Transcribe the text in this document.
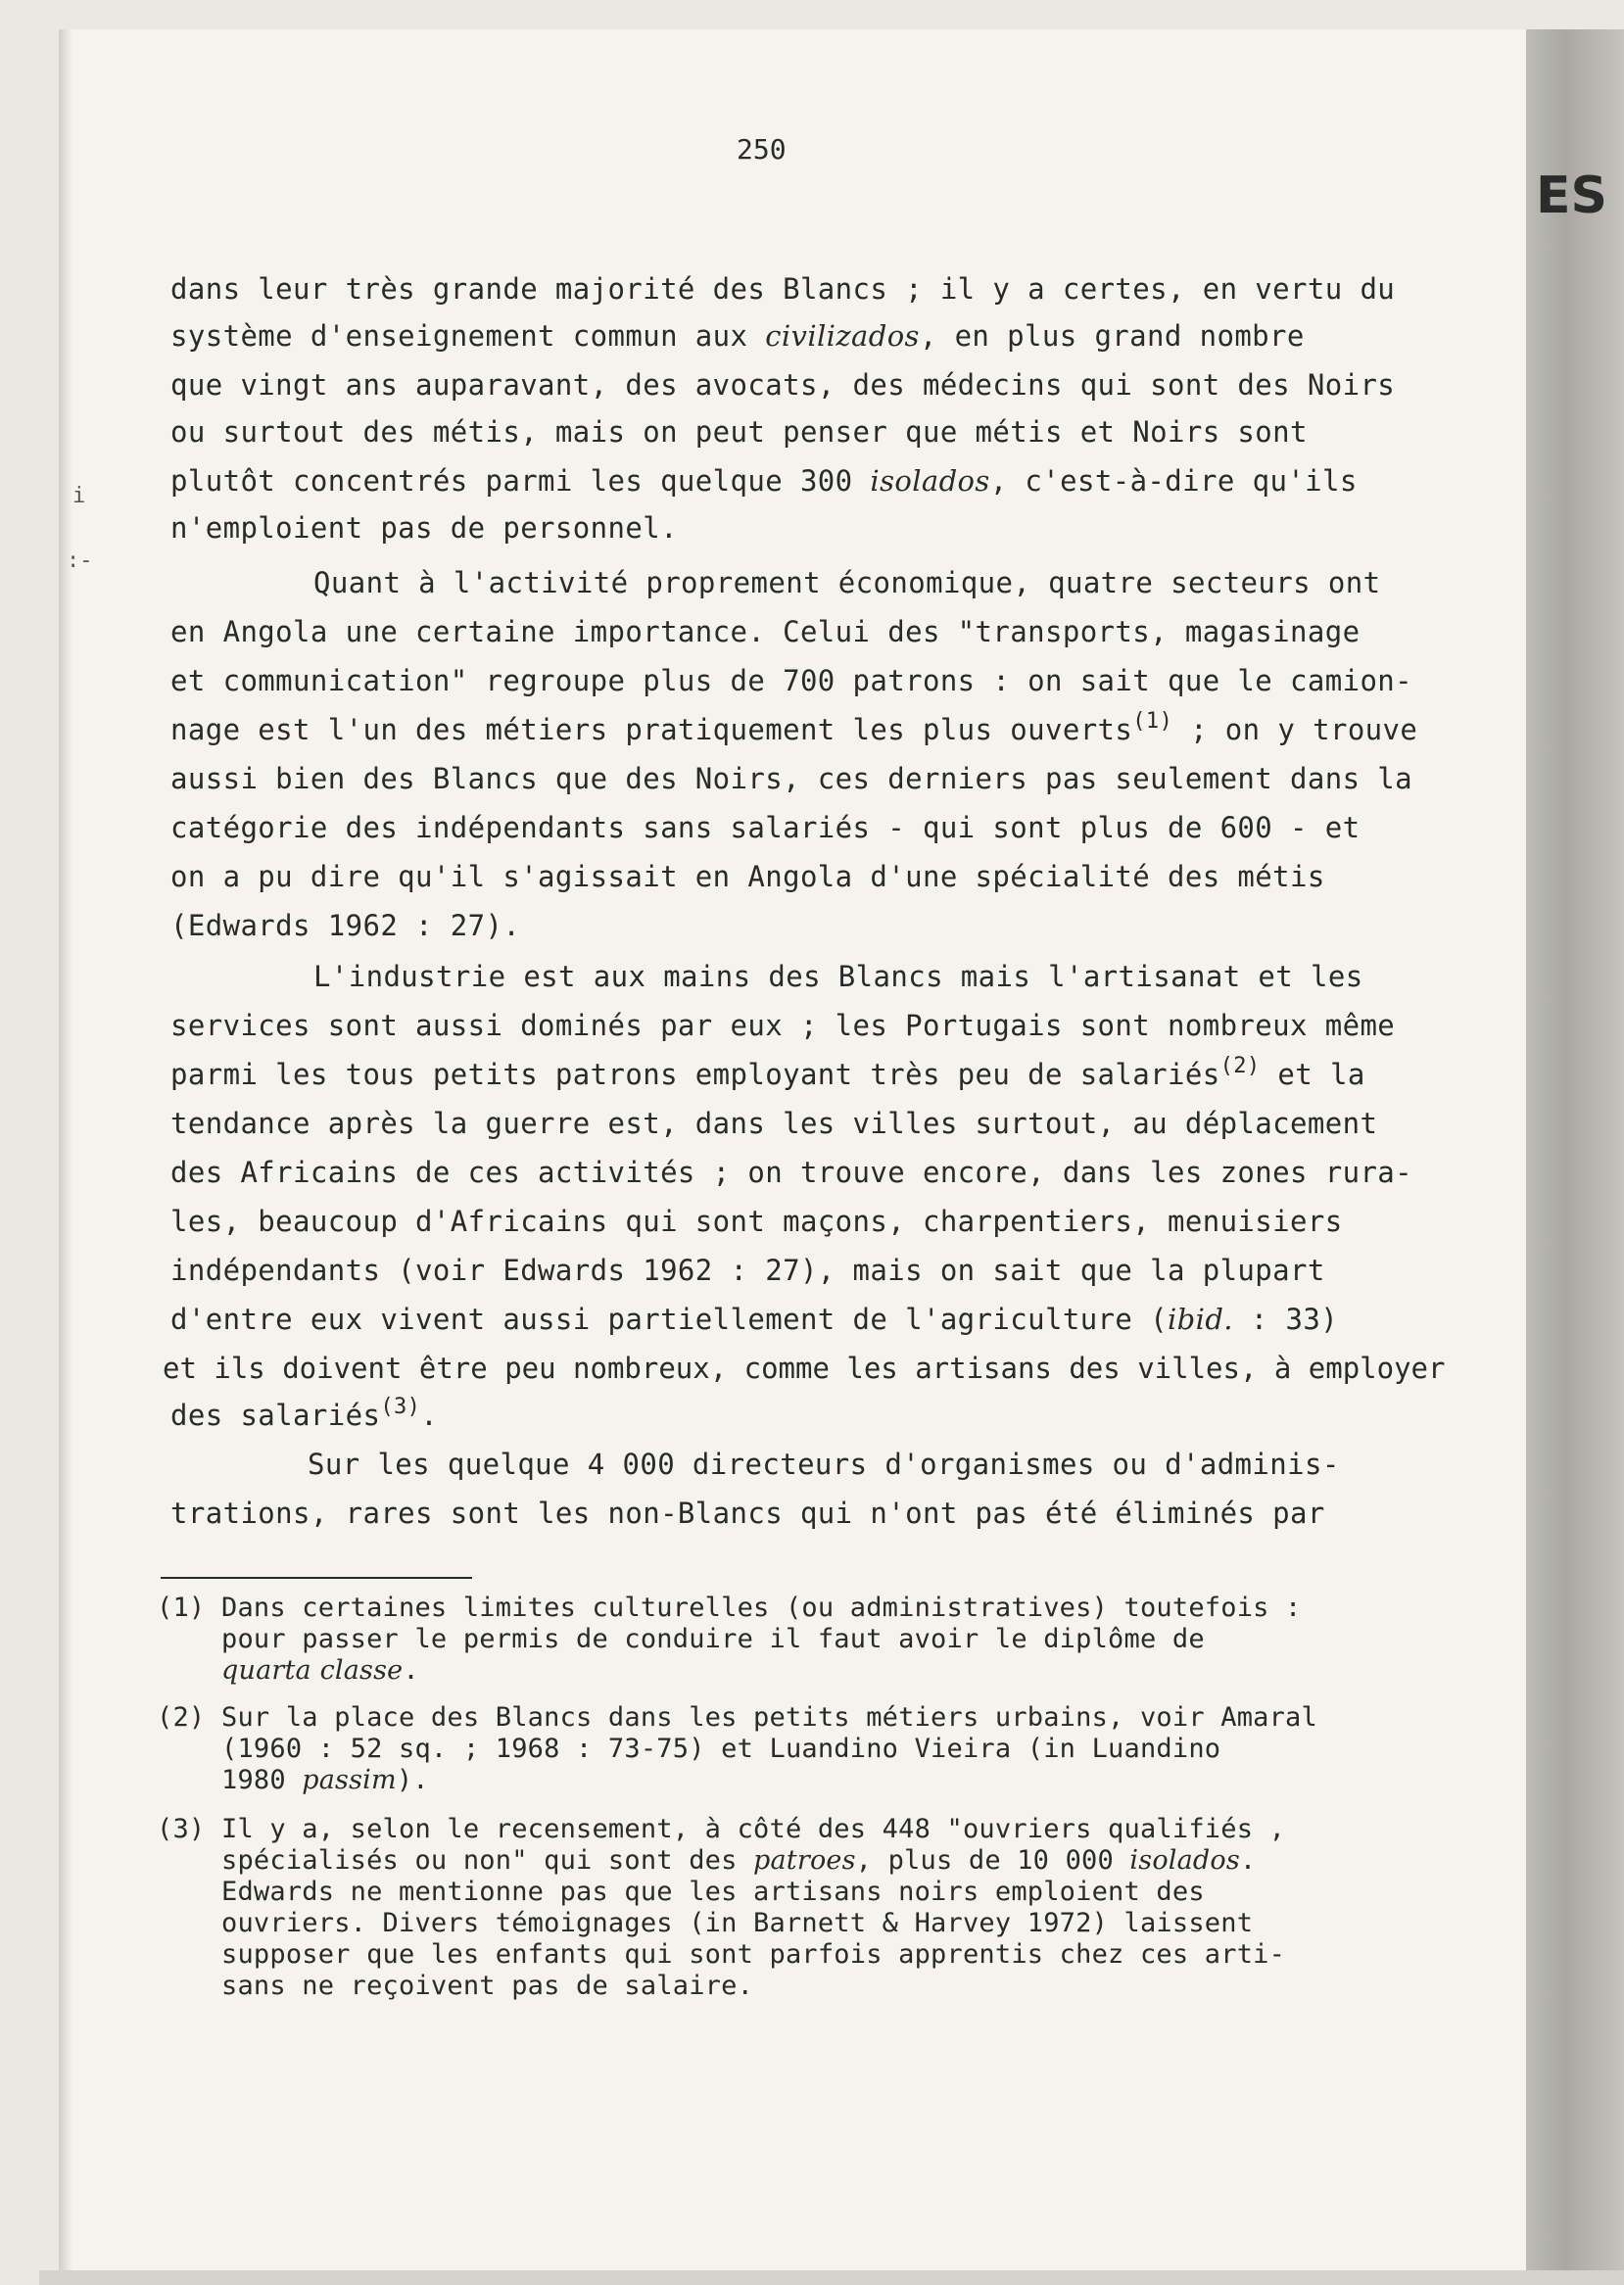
ES
250
i
:-
dans leur très grande majorité des Blancs ; il y a certes, en vertu du
système d'enseignement commun aux civilizados, en plus grand nombre
que vingt ans auparavant, des avocats, des médecins qui sont des Noirs
ou surtout des métis, mais on peut penser que métis et Noirs sont
plutôt concentrés parmi les quelque 300 isolados, c'est-à-dire qu'ils
n'emploient pas de personnel.
Quant à l'activité proprement économique, quatre secteurs ont
en Angola une certaine importance. Celui des "transports, magasinage
et communication" regroupe plus de 700 patrons : on sait que le camion-
nage est l'un des métiers pratiquement les plus ouverts$^{(1)}$ ; on y trouve
aussi bien des Blancs que des Noirs, ces derniers pas seulement dans la
catégorie des indépendants sans salariés - qui sont plus de 600 - et
on a pu dire qu'il s'agissait en Angola d'une spécialité des métis
(Edwards 1962 : 27).
L'industrie est aux mains des Blancs mais l'artisanat et les
services sont aussi dominés par eux ; les Portugais sont nombreux même
parmi les tous petits patrons employant très peu de salariés$^{(2)}$ et la
tendance après la guerre est, dans les villes surtout, au déplacement
des Africains de ces activités ; on trouve encore, dans les zones rura-
les, beaucoup d'Africains qui sont maçons, charpentiers, menuisiers
indépendants (voir Edwards 1962 : 27), mais on sait que la plupart
d'entre eux vivent aussi partiellement de l'agriculture (ibid. : 33)
et ils doivent être peu nombreux, comme les artisans des villes, à employer
des salariés$^{(3)}$.
Sur les quelque 4 000 directeurs d'organismes ou d'adminis-
trations, rares sont les non-Blancs qui n'ont pas été éliminés par
(1) Dans certaines limites culturelles (ou administratives) toutefois :
pour passer le permis de conduire il faut avoir le diplôme de
quarta classe.
(2) Sur la place des Blancs dans les petits métiers urbains, voir Amaral
(1960 : 52 sq. ; 1968 : 73-75) et Luandino Vieira (in Luandino
1980 passim).
(3) Il y a, selon le recensement, à côté des 448 "ouvriers qualifiés ,
spécialisés ou non" qui sont des patroes, plus de 10 000 isolados.
Edwards ne mentionne pas que les artisans noirs emploient des
ouvriers. Divers témoignages (in Barnett & Harvey 1972) laissent
supposer que les enfants qui sont parfois apprentis chez ces arti-
sans ne reçoivent pas de salaire.
